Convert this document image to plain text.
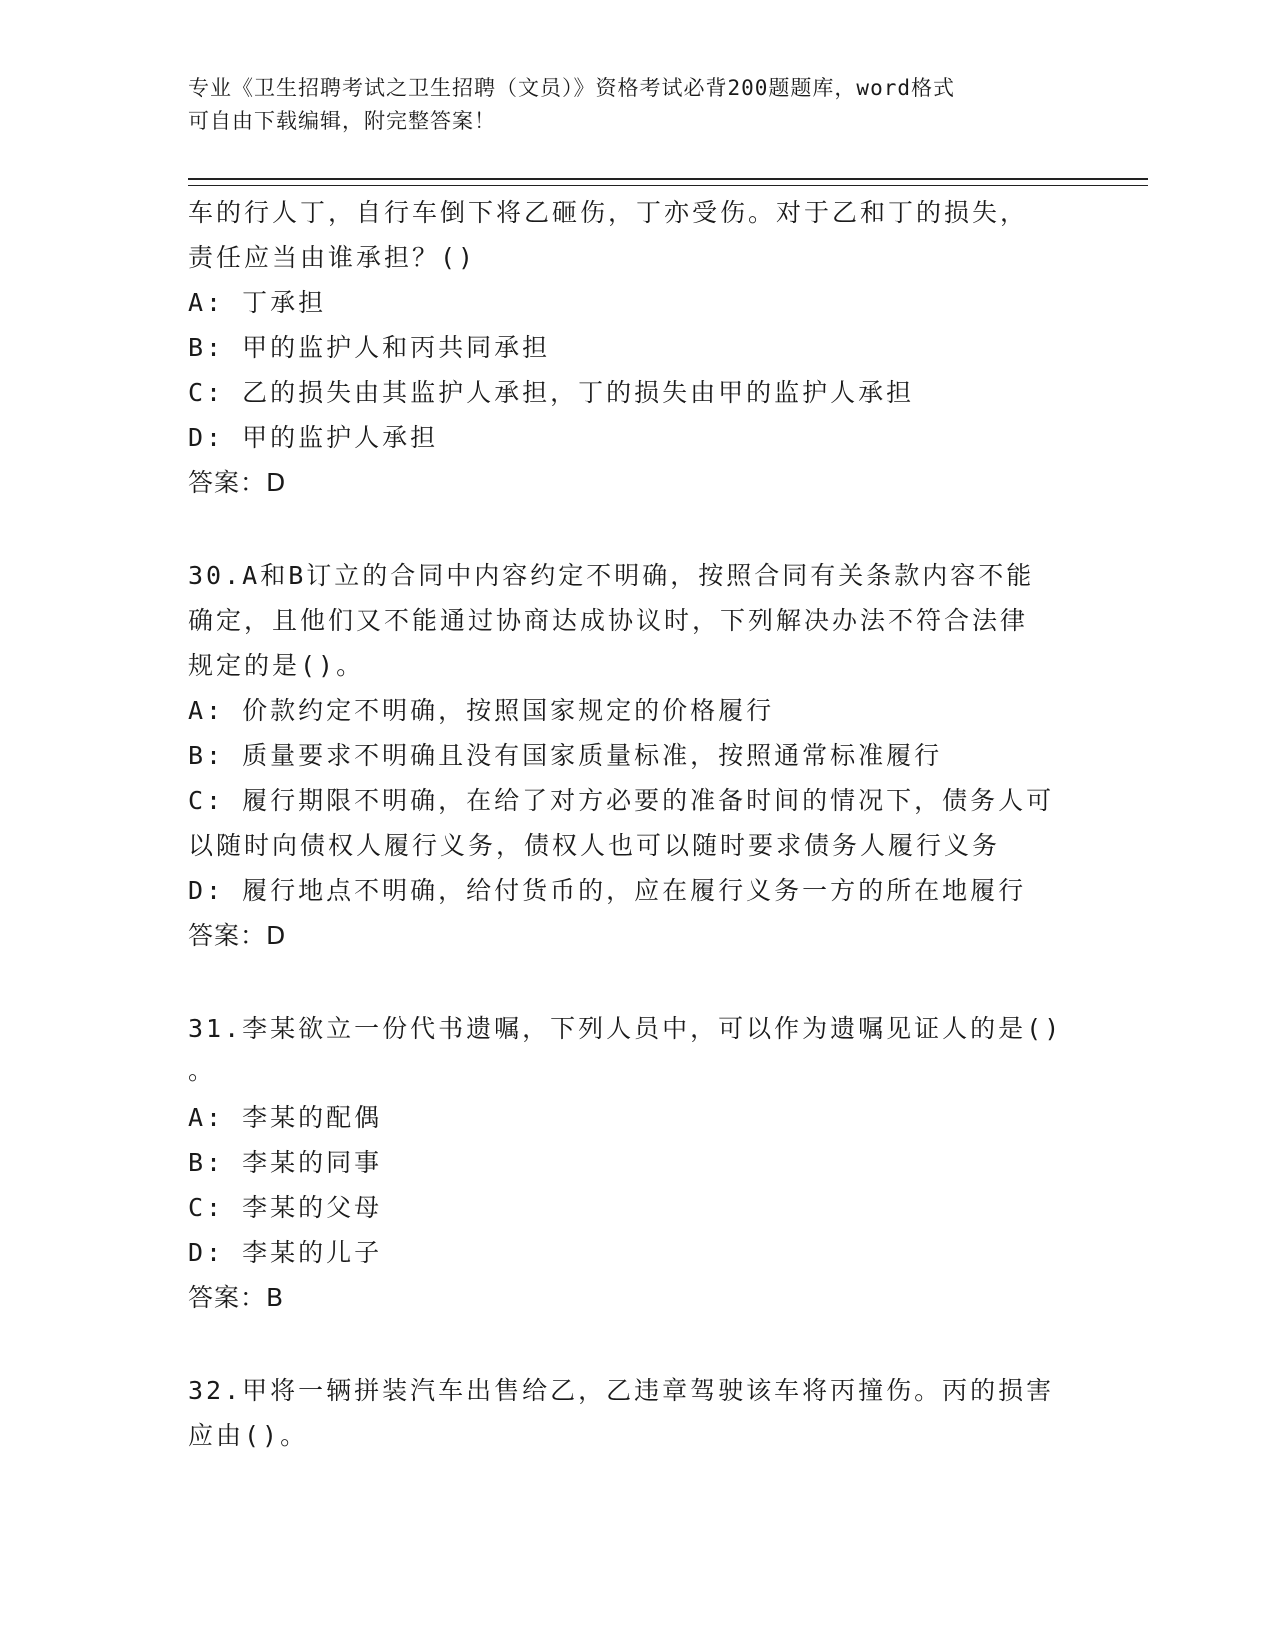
专业《卫生招聘考试之卫生招聘（文员）》资格考试必背200题题库，word格式
可自由下载编辑，附完整答案！
车的行人丁，自行车倒下将乙砸伤，丁亦受伤。对于乙和丁的损失，
责任应当由谁承担？()
A: 丁承担
B: 甲的监护人和丙共同承担
C: 乙的损失由其监护人承担，丁的损失由甲的监护人承担
D: 甲的监护人承担
答案：D
30.A和B订立的合同中内容约定不明确，按照合同有关条款内容不能
确定，且他们又不能通过协商达成协议时，下列解决办法不符合法律
规定的是()。
A: 价款约定不明确，按照国家规定的价格履行
B: 质量要求不明确且没有国家质量标准，按照通常标准履行
C: 履行期限不明确，在给了对方必要的准备时间的情况下，债务人可
以随时向债权人履行义务，债权人也可以随时要求债务人履行义务
D: 履行地点不明确，给付货币的，应在履行义务一方的所在地履行
答案：D
31.李某欲立一份代书遗嘱，下列人员中，可以作为遗嘱见证人的是()
。
A: 李某的配偶
B: 李某的同事
C: 李某的父母
D: 李某的儿子
答案：B
32.甲将一辆拼装汽车出售给乙，乙违章驾驶该车将丙撞伤。丙的损害
应由()。
